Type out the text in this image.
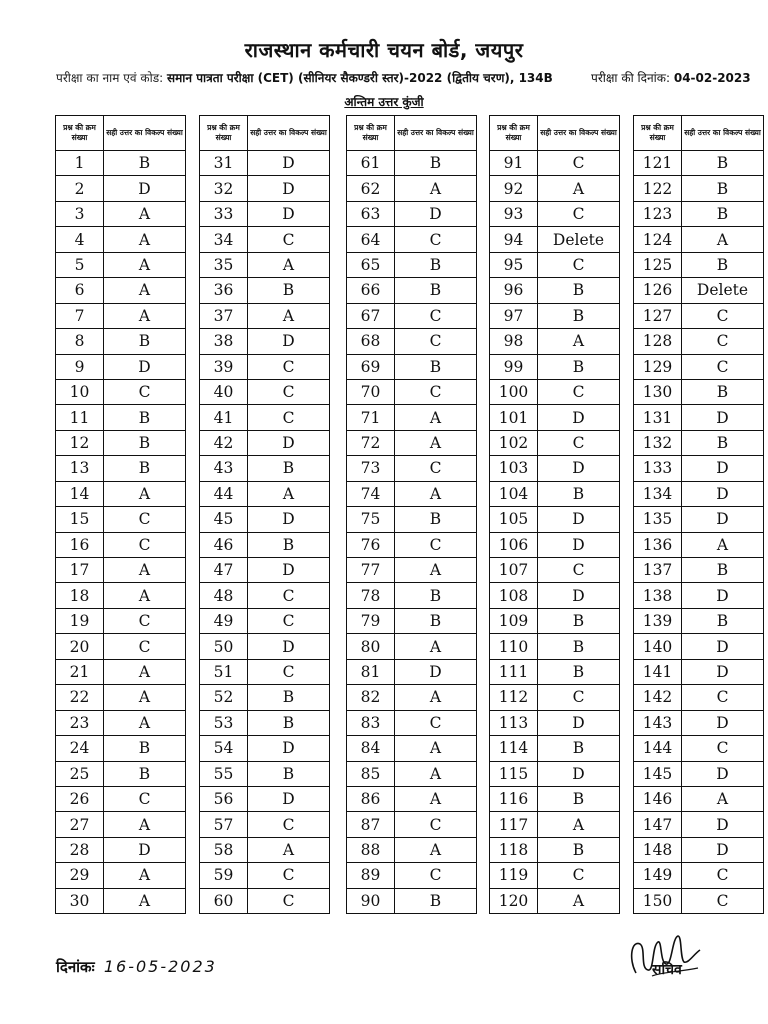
राजस्थान कर्मचारी चयन बोर्ड, जयपुर
परीक्षा का नाम एवं कोड: समान पात्रता परीक्षा (CET) (सीनियर सैकण्डरी स्तर)-2022 (द्वितीय चरण), 134B	परीक्षा की दिनांक: 04-02-2023
अन्तिम उत्तर कुंजी
प्रश्न की क्रम संख्या	सही उत्तर का विकल्प संख्या
1	B
2	D
3	A
4	A
5	A
6	A
7	A
8	B
9	D
10	C
11	B
12	B
13	B
14	A
15	C
16	C
17	A
18	A
19	C
20	C
21	A
22	A
23	A
24	B
25	B
26	C
27	A
28	D
29	A
30	A
प्रश्न की क्रम संख्या	सही उत्तर का विकल्प संख्या
31	D
32	D
33	D
34	C
35	A
36	B
37	A
38	D
39	C
40	C
41	C
42	D
43	B
44	A
45	D
46	B
47	D
48	C
49	C
50	D
51	C
52	B
53	B
54	D
55	B
56	D
57	C
58	A
59	C
60	C
प्रश्न की क्रम संख्या	सही उत्तर का विकल्प संख्या
61	B
62	A
63	D
64	C
65	B
66	B
67	C
68	C
69	B
70	C
71	A
72	A
73	C
74	A
75	B
76	C
77	A
78	B
79	B
80	A
81	D
82	A
83	C
84	A
85	A
86	A
87	C
88	A
89	C
90	B
प्रश्न की क्रम संख्या	सही उत्तर का विकल्प संख्या
91	C
92	A
93	C
94	Delete
95	C
96	B
97	B
98	A
99	B
100	C
101	D
102	C
103	D
104	B
105	D
106	D
107	C
108	D
109	B
110	B
111	B
112	C
113	D
114	B
115	D
116	B
117	A
118	B
119	C
120	A
प्रश्न की क्रम संख्या	सही उत्तर का विकल्प संख्या
121	B
122	B
123	B
124	A
125	B
126	Delete
127	C
128	C
129	C
130	B
131	D
132	B
133	D
134	D
135	D
136	A
137	B
138	D
139	B
140	D
141	D
142	C
143	D
144	C
145	D
146	A
147	D
148	D
149	C
150	C
दिनांकः 16-05-2023	सचिव
